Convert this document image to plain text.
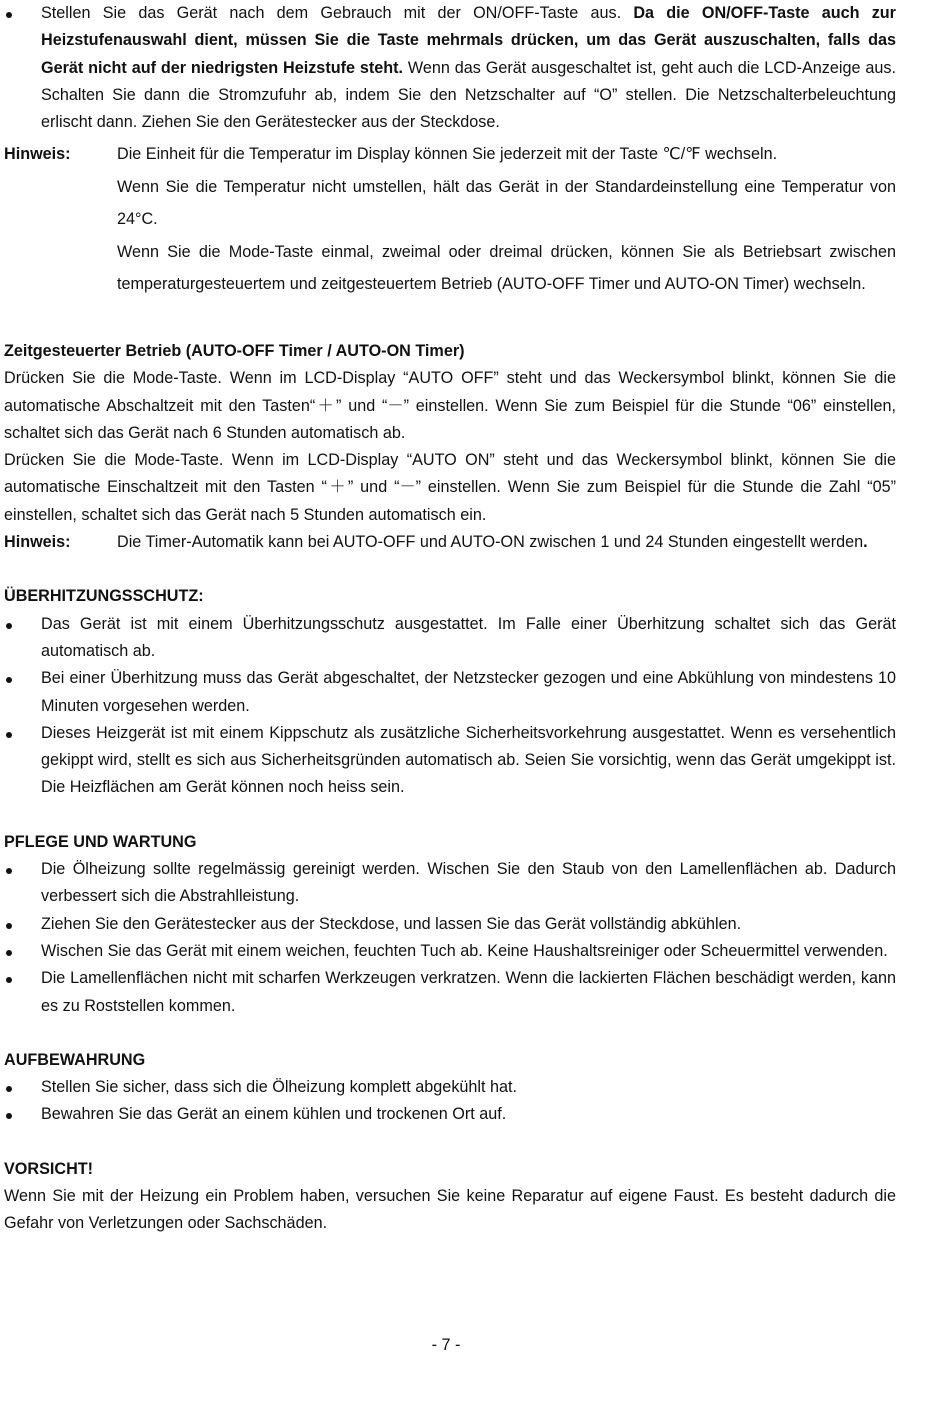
Stellen Sie das Gerät nach dem Gebrauch mit der ON/OFF-Taste aus. Da die ON/OFF-Taste auch zur Heizstufenauswahl dient, müssen Sie die Taste mehrmals drücken, um das Gerät auszuschalten, falls das Gerät nicht auf der niedrigsten Heizstufe steht. Wenn das Gerät ausgeschaltet ist, geht auch die LCD-Anzeige aus. Schalten Sie dann die Stromzufuhr ab, indem Sie den Netzschalter auf “O” stellen. Die Netzschalterbeleuchtung erlischt dann. Ziehen Sie den Gerätestecker aus der Steckdose.

Hinweis:	Die Einheit für die Temperatur im Display können Sie jederzeit mit der Taste ℃/℉ wechseln.

Wenn Sie die Temperatur nicht umstellen, hält das Gerät in der Standardeinstellung eine Temperatur von 24°C.

Wenn Sie die Mode-Taste einmal, zweimal oder dreimal drücken, können Sie als Betriebsart zwischen temperaturgesteuertem und zeitgesteuertem Betrieb (AUTO-OFF Timer und AUTO-ON Timer) wechseln.

Zeitgesteuerter Betrieb (AUTO-OFF Timer / AUTO-ON Timer)

Drücken Sie die Mode-Taste. Wenn im LCD-Display “AUTO OFF” steht und das Weckersymbol blinkt, können Sie die automatische Abschaltzeit mit den Tasten“＋” und “－” einstellen. Wenn Sie zum Beispiel für die Stunde “06” einstellen, schaltet sich das Gerät nach 6 Stunden automatisch ab.

Drücken Sie die Mode-Taste. Wenn im LCD-Display “AUTO ON” steht und das Weckersymbol blinkt, können Sie die automatische Einschaltzeit mit den Tasten “＋” und “－” einstellen. Wenn Sie zum Beispiel für die Stunde die Zahl “05” einstellen, schaltet sich das Gerät nach 5 Stunden automatisch ein.

Hinweis:	Die Timer-Automatik kann bei AUTO-OFF und AUTO-ON zwischen 1 und 24 Stunden eingestellt werden.

ÜBERHITZUNGSSCHUTZ:

Das Gerät ist mit einem Überhitzungsschutz ausgestattet. Im Falle einer Überhitzung schaltet sich das Gerät automatisch ab.

Bei einer Überhitzung muss das Gerät abgeschaltet, der Netzstecker gezogen und eine Abkühlung von mindestens 10 Minuten vorgesehen werden.

Dieses Heizgerät ist mit einem Kippschutz als zusätzliche Sicherheitsvorkehrung ausgestattet. Wenn es versehentlich gekippt wird, stellt es sich aus Sicherheitsgründen automatisch ab. Seien Sie vorsichtig, wenn das Gerät umgekippt ist. Die Heizflächen am Gerät können noch heiss sein.

PFLEGE UND WARTUNG

Die Ölheizung sollte regelmässig gereinigt werden. Wischen Sie den Staub von den Lamellenflächen ab. Dadurch verbessert sich die Abstrahlleistung.

Ziehen Sie den Gerätestecker aus der Steckdose, und lassen Sie das Gerät vollständig abkühlen.

Wischen Sie das Gerät mit einem weichen, feuchten Tuch ab. Keine Haushaltsreiniger oder Scheuermittel verwenden.

Die Lamellenflächen nicht mit scharfen Werkzeugen verkratzen. Wenn die lackierten Flächen beschädigt werden, kann es zu Roststellen kommen.

AUFBEWAHRUNG

Stellen Sie sicher, dass sich die Ölheizung komplett abgekühlt hat.

Bewahren Sie das Gerät an einem kühlen und trockenen Ort auf.

VORSICHT!

Wenn Sie mit der Heizung ein Problem haben, versuchen Sie keine Reparatur auf eigene Faust. Es besteht dadurch die Gefahr von Verletzungen oder Sachschäden.

- 7 -
